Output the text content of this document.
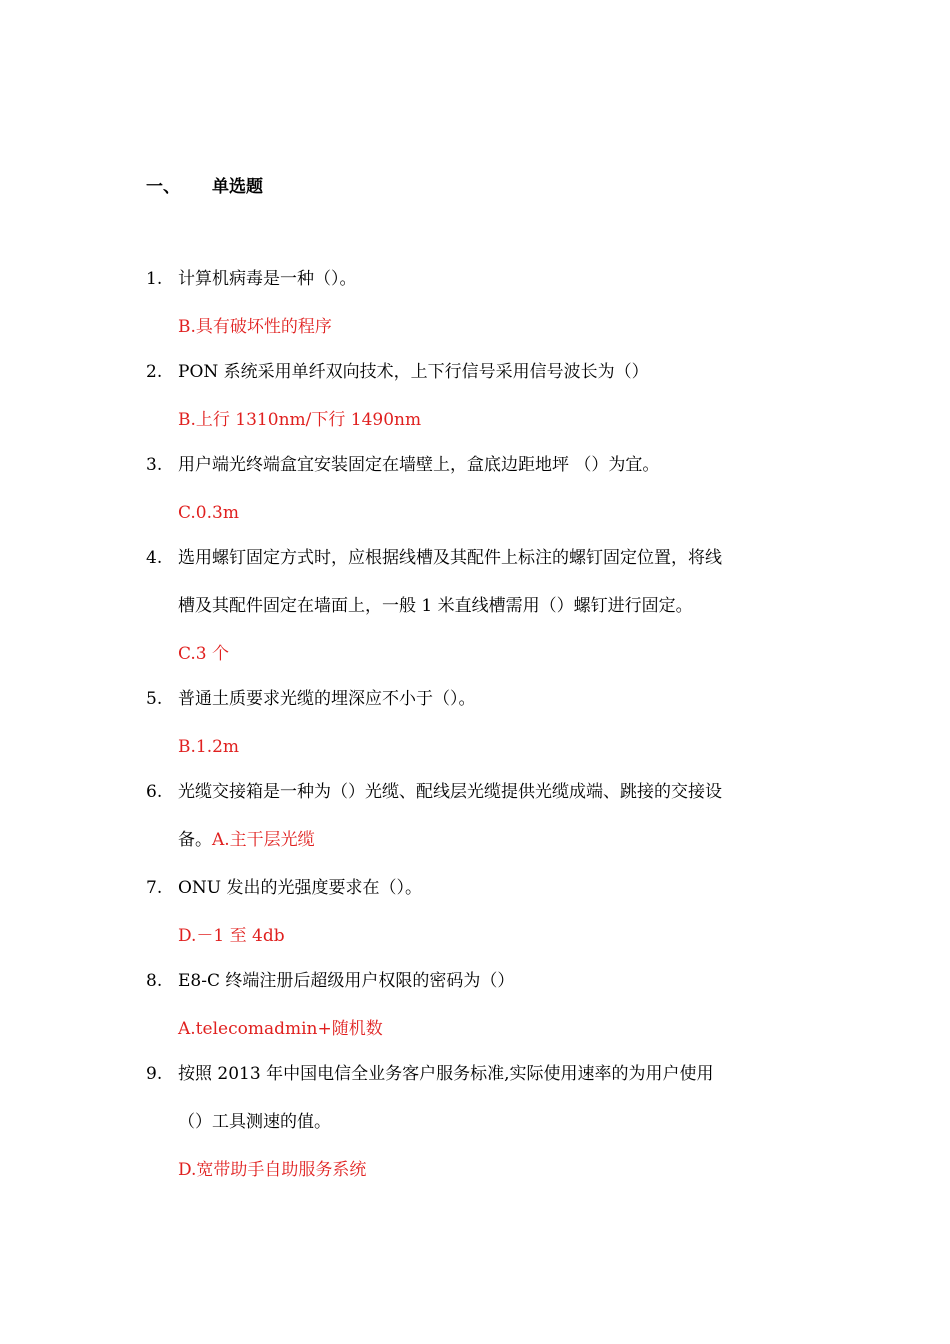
一、 单选题
1. 计算机病毒是一种（）。
B.具有破坏性的程序
2. PON 系统采用单纤双向技术，上下行信号采用信号波长为（）
B.上行 1310nm/下行 1490nm
3. 用户端光终端盒宜安装固定在墙壁上，盒底边距地坪 （）为宜。
C.0.3m
4. 选用螺钉固定方式时，应根据线槽及其配件上标注的螺钉固定位置，将线
槽及其配件固定在墙面上，一般 1 米直线槽需用（）螺钉进行固定。
C.3 个
5. 普通土质要求光缆的埋深应不小于（）。
B.1.2m
6. 光缆交接箱是一种为（）光缆、配线层光缆提供光缆成端、跳接的交接设
备。A.主干层光缆
7. ONU 发出的光强度要求在（）。
D.－1 至 4db
8. E8-C 终端注册后超级用户权限的密码为（）
A.telecomadmin+随机数
9. 按照 2013 年中国电信全业务客户服务标准,实际使用速率的为用户使用
（）工具测速的值。
D.宽带助手自助服务系统
